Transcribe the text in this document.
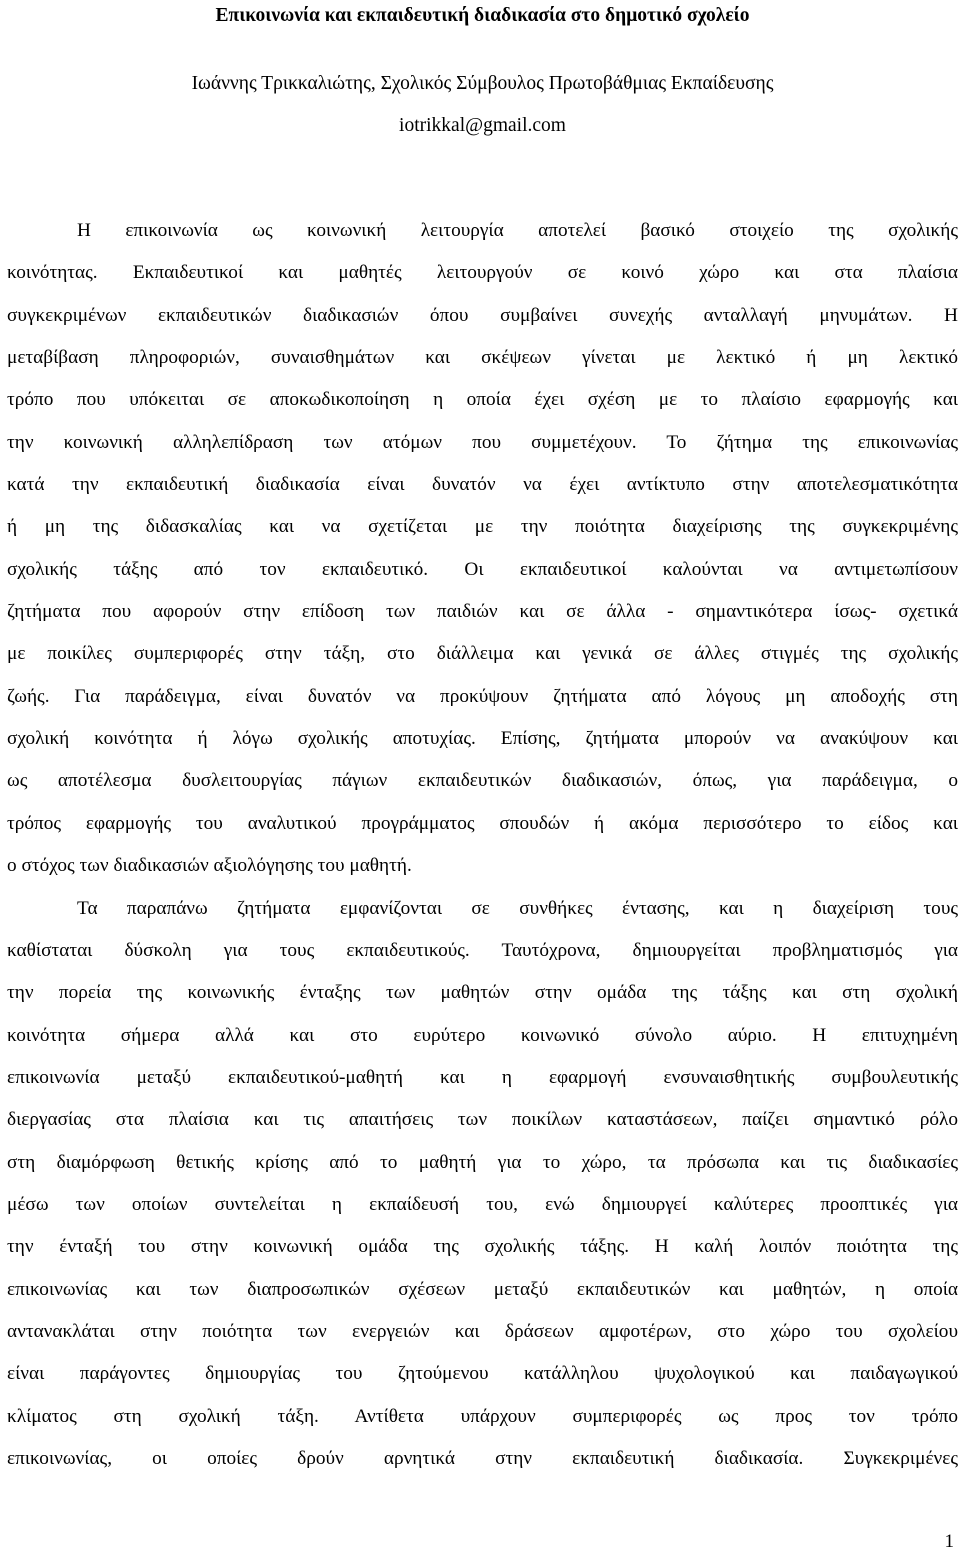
Επικοινωνία και εκπαιδευτική διαδικασία στο δημοτικό σχολείο
Ιωάννης Τρικκαλιώτης, Σχολικός Σύμβουλος Πρωτοβάθμιας Εκπαίδευσης
iotrikkal@gmail.com
Η επικοινωνία ως κοινωνική λειτουργία αποτελεί βασικό στοιχείο της σχολικής
κοινότητας. Εκπαιδευτικοί και μαθητές λειτουργούν σε κοινό χώρο και στα πλαίσια
συγκεκριμένων εκπαιδευτικών διαδικασιών όπου συμβαίνει συνεχής ανταλλαγή μηνυμάτων. Η
μεταβίβαση πληροφοριών, συναισθημάτων και σκέψεων γίνεται με λεκτικό ή μη λεκτικό
τρόπο που υπόκειται σε αποκωδικοποίηση η οποία έχει σχέση με το πλαίσιο εφαρμογής και
την κοινωνική αλληλεπίδραση των ατόμων που συμμετέχουν. Το ζήτημα της επικοινωνίας
κατά την εκπαιδευτική διαδικασία είναι δυνατόν να έχει αντίκτυπο στην αποτελεσματικότητα
ή μη της διδασκαλίας και να σχετίζεται με την ποιότητα διαχείρισης της συγκεκριμένης
σχολικής τάξης από τον εκπαιδευτικό. Οι εκπαιδευτικοί καλούνται να αντιμετωπίσουν
ζητήματα που αφορούν στην επίδοση των παιδιών και σε άλλα - σημαντικότερα ίσως- σχετικά
με ποικίλες συμπεριφορές στην τάξη, στο διάλλειμα και γενικά σε άλλες στιγμές της σχολικής
ζωής. Για παράδειγμα, είναι δυνατόν να προκύψουν ζητήματα από λόγους μη αποδοχής στη
σχολική κοινότητα ή λόγω σχολικής αποτυχίας. Επίσης, ζητήματα μπορούν να ανακύψουν και
ως αποτέλεσμα δυσλειτουργίας πάγιων εκπαιδευτικών διαδικασιών, όπως, για παράδειγμα, ο
τρόπος εφαρμογής του αναλυτικού προγράμματος σπουδών ή ακόμα περισσότερο το είδος και
ο στόχος των διαδικασιών αξιολόγησης του μαθητή.
Τα παραπάνω ζητήματα εμφανίζονται σε συνθήκες έντασης, και η διαχείριση τους
καθίσταται δύσκολη για τους εκπαιδευτικούς. Ταυτόχρονα, δημιουργείται προβληματισμός για
την πορεία της κοινωνικής ένταξης των μαθητών στην ομάδα της τάξης και στη σχολική
κοινότητα σήμερα αλλά και στο ευρύτερο κοινωνικό σύνολο αύριο. Η επιτυχημένη
επικοινωνία μεταξύ εκπαιδευτικού-μαθητή και η εφαρμογή ενσυναισθητικής συμβουλευτικής
διεργασίας στα πλαίσια και τις απαιτήσεις των ποικίλων καταστάσεων, παίζει σημαντικό ρόλο
στη διαμόρφωση θετικής κρίσης από το μαθητή για το χώρο, τα πρόσωπα και τις διαδικασίες
μέσω των οποίων συντελείται η εκπαίδευσή του, ενώ δημιουργεί καλύτερες προοπτικές για
την ένταξή του στην κοινωνική ομάδα της σχολικής τάξης. Η καλή λοιπόν ποιότητα της
επικοινωνίας και των διαπροσωπικών σχέσεων μεταξύ εκπαιδευτικών και μαθητών, η οποία
αντανακλάται στην ποιότητα των ενεργειών και δράσεων αμφοτέρων, στο χώρο του σχολείου
είναι παράγοντες δημιουργίας του ζητούμενου κατάλληλου ψυχολογικού και παιδαγωγικού
κλίματος στη σχολική τάξη. Αντίθετα υπάρχουν συμπεριφορές ως προς τον τρόπο
επικοινωνίας, οι οποίες δρούν αρνητικά στην εκπαιδευτική διαδικασία. Συγκεκριμένες
1
